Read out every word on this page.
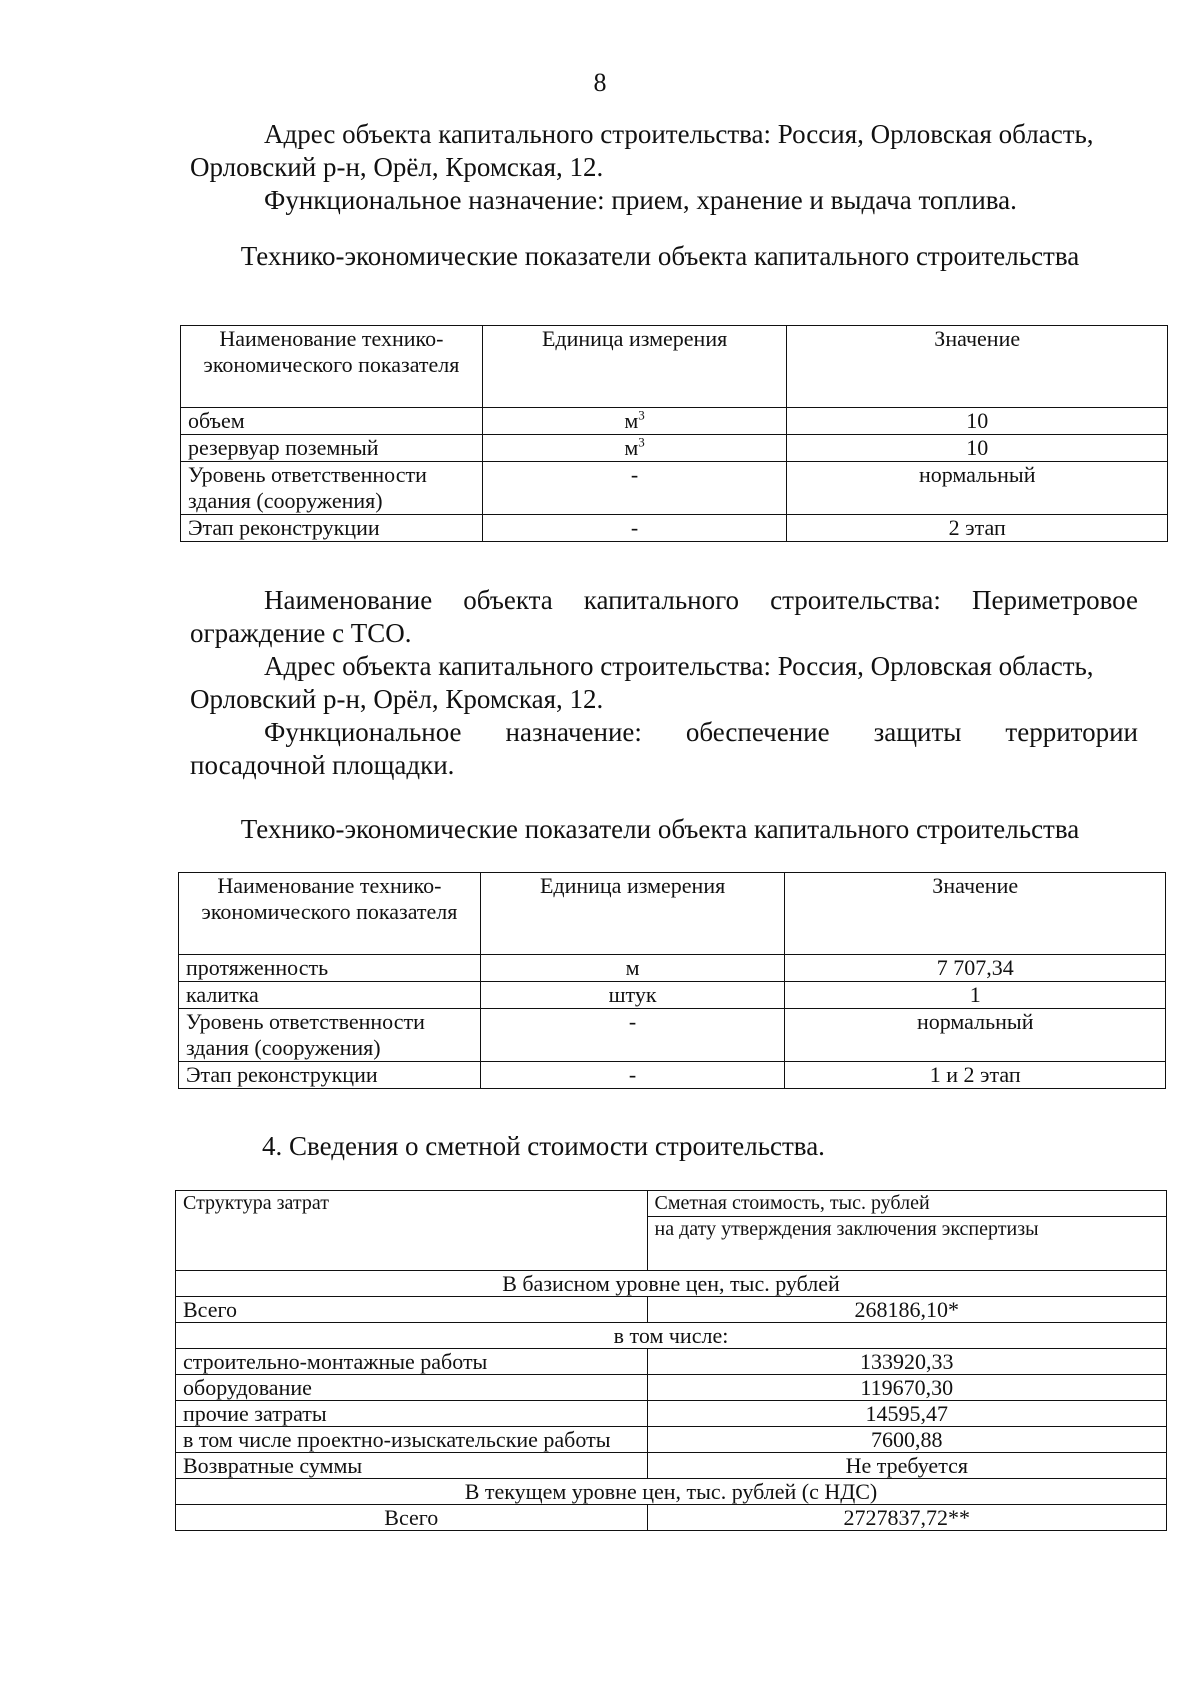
8
Адрес объекта капитального строительства: Россия, Орловская область,
Орловский р-н, Орёл, Кромская, 12.
Функциональное назначение: прием, хранение и выдача топлива.
Технико-экономические показатели объекта капитального строительства
Наименование технико-экономического показателя	Единица измерения	Значение
объем	$м^3$	10
резервуар поземный	$м^3$	10
Уровень ответственности здания (сооружения)	-	нормальный
Этап реконструкции	-	2 этап
Наименование объекта капитального строительства: Периметровое
ограждение с ТСО.
Адрес объекта капитального строительства: Россия, Орловская область,
Орловский р-н, Орёл, Кромская, 12.
Функциональное назначение: обеспечение защиты территории
посадочной площадки.
Технико-экономические показатели объекта капитального строительства
Наименование технико-экономического показателя	Единица измерения	Значение
протяженность	м	7 707,34
калитка	штук	1
Уровень ответственности здания (сооружения)	-	нормальный
Этап реконструкции	-	1 и 2 этап
4. Сведения о сметной стоимости строительства.
Структура затрат	Сметная стоимость, тыс. рублей
	на дату утверждения заключения экспертизы
В базисном уровне цен, тыс. рублей	
Всего	268186,10*
в том числе:	
строительно-монтажные работы	133920,33
оборудование	119670,30
прочие затраты	14595,47
в том числе проектно-изыскательские работы	7600,88
Возвратные суммы	Не требуется
В текущем уровне цен, тыс. рублей (с НДС)	
Всего	2727837,72**
